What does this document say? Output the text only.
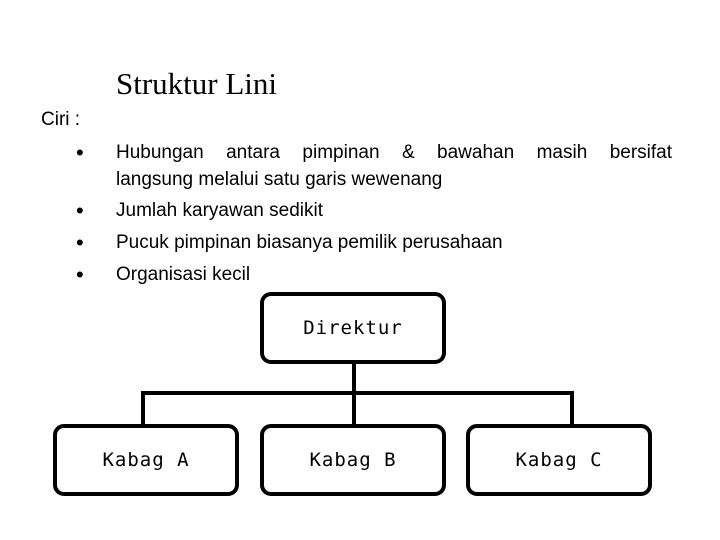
Struktur Lini
Ciri :
• Hubungan antara pimpinan & bawahan masih bersifat
langsung melalui satu garis wewenang
• Jumlah karyawan sedikit
• Pucuk pimpinan biasanya pemilik perusahaan
• Organisasi kecil
Direktur
Kabag A	Kabag B	Kabag C
